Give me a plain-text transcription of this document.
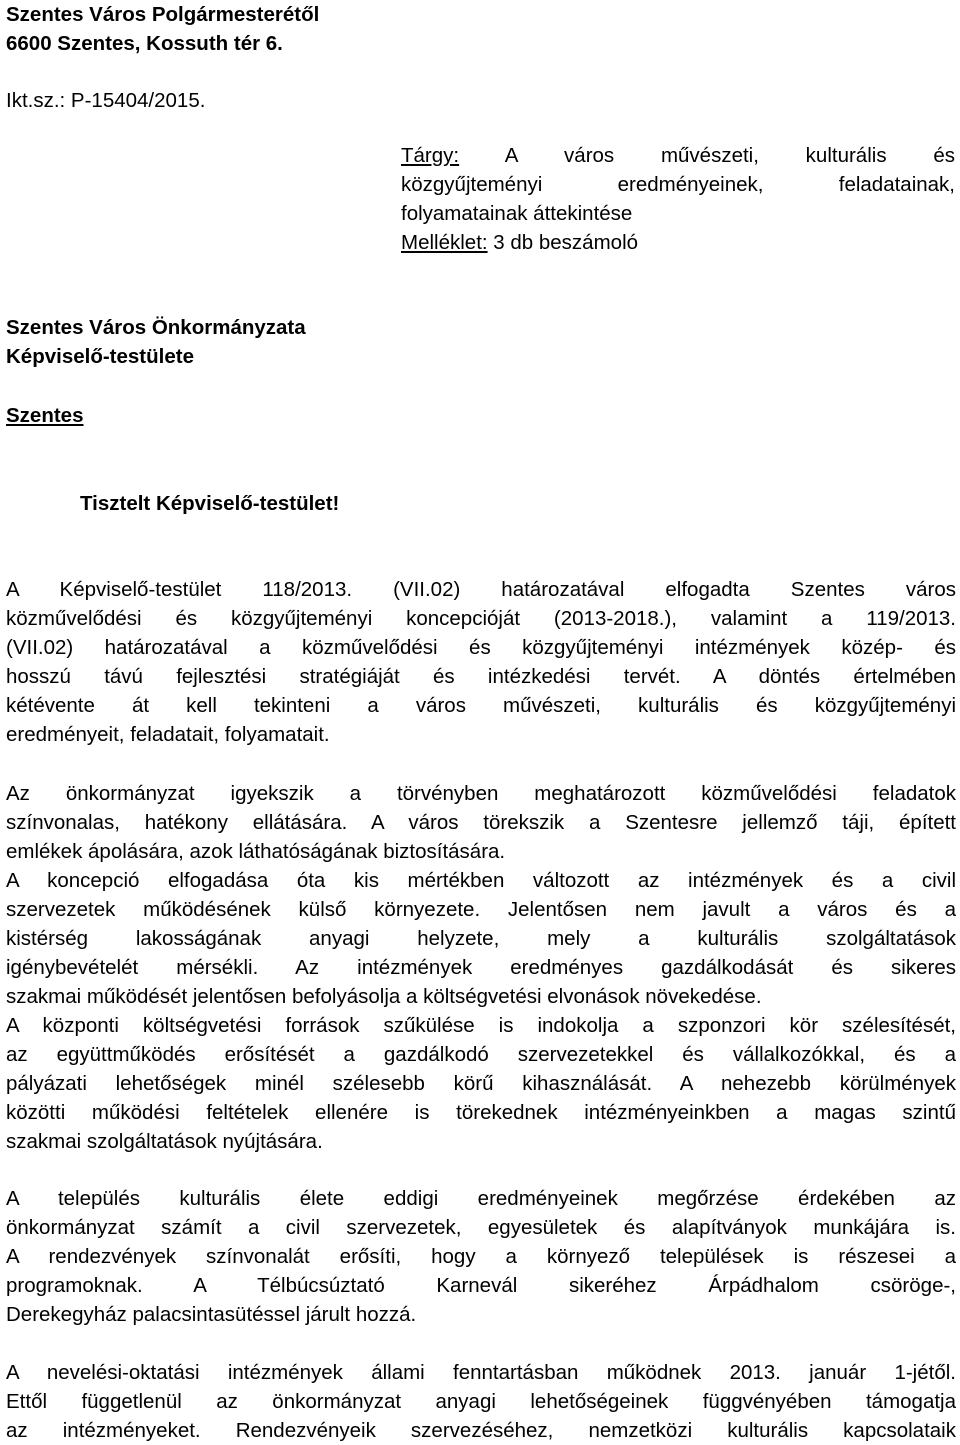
Szentes Város Polgármesterétől
6600 Szentes, Kossuth tér 6.
Ikt.sz.: P-15404/2015.
Tárgy: A város művészeti, kulturális és
közgyűjteményi eredményeinek, feladatainak,
folyamatainak áttekintése
Melléklet: 3 db beszámoló
Szentes Város Önkormányzata
Képviselő-testülete
Szentes
Tisztelt Képviselő-testület!
A Képviselő-testület 118/2013. (VII.02) határozatával elfogadta Szentes város
közművelődési és közgyűjteményi koncepcióját (2013-2018.), valamint a 119/2013.
(VII.02) határozatával a közművelődési és közgyűjteményi intézmények közép- és
hosszú távú fejlesztési stratégiáját és intézkedési tervét. A döntés értelmében
kétévente át kell tekinteni a város művészeti, kulturális és közgyűjteményi
eredményeit, feladatait, folyamatait.
Az önkormányzat igyekszik a törvényben meghatározott közművelődési feladatok
színvonalas, hatékony ellátására. A város törekszik a Szentesre jellemző táji, épített
emlékek ápolására, azok láthatóságának biztosítására.
A koncepció elfogadása óta kis mértékben változott az intézmények és a civil
szervezetek működésének külső környezete. Jelentősen nem javult a város és a
kistérség lakosságának anyagi helyzete, mely a kulturális szolgáltatások
igénybevételét mérsékli. Az intézmények eredményes gazdálkodását és sikeres
szakmai működését jelentősen befolyásolja a költségvetési elvonások növekedése.
A központi költségvetési források szűkülése is indokolja a szponzori kör szélesítését,
az együttműködés erősítését a gazdálkodó szervezetekkel és vállalkozókkal, és a
pályázati lehetőségek minél szélesebb körű kihasználását. A nehezebb körülmények
közötti működési feltételek ellenére is törekednek intézményeinkben a magas szintű
szakmai szolgáltatások nyújtására.
A település kulturális élete eddigi eredményeinek megőrzése érdekében az
önkormányzat számít a civil szervezetek, egyesületek és alapítványok munkájára is.
A rendezvények színvonalát erősíti, hogy a környező települések is részesei a
programoknak. A Télbúcsúztató Karnevál sikeréhez Árpádhalom csöröge-,
Derekegyház palacsintasütéssel járult hozzá.
A nevelési-oktatási intézmények állami fenntartásban működnek 2013. január 1-jétől.
Ettől függetlenül az önkormányzat anyagi lehetőségeinek függvényében támogatja
az intézményeket. Rendezvényeik szervezéséhez, nemzetközi kulturális kapcsolataik
